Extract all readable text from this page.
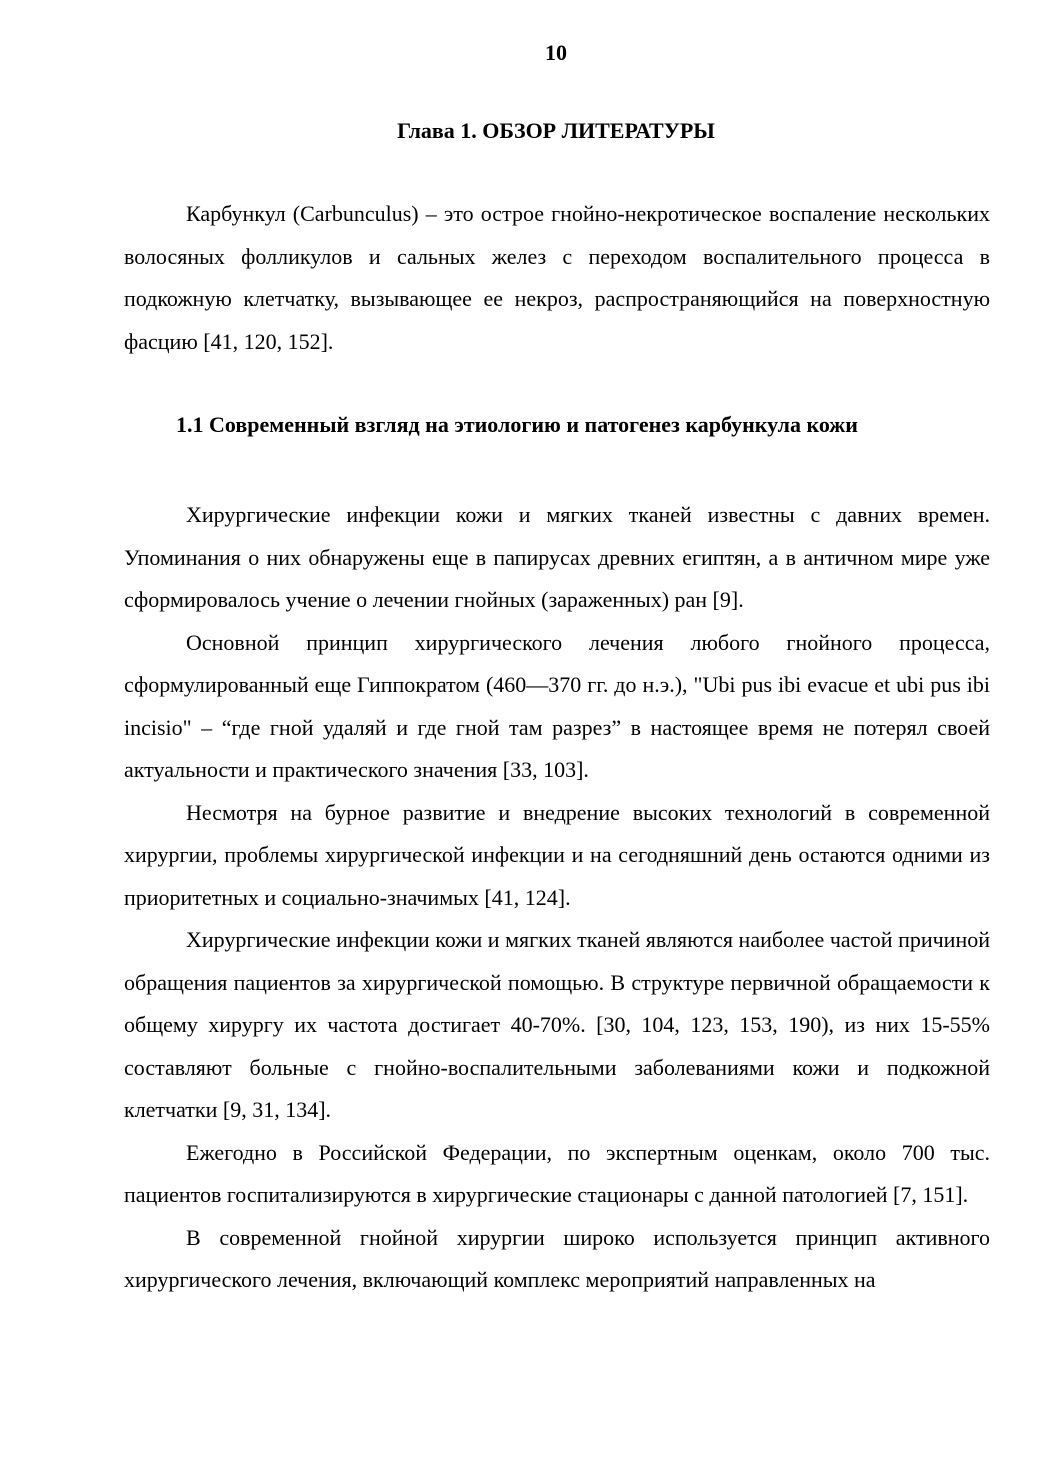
10
Глава 1. ОБЗОР ЛИТЕРАТУРЫ

Карбункул (Carbunculus) – это острое гнойно-некротическое воспаление нескольких волосяных фолликулов и сальных желез с переходом воспалительного процесса в подкожную клетчатку, вызывающее ее некроз, распространяющийся на поверхностную фасцию [41, 120, 152].

1.1 Современный взгляд на этиологию и патогенез карбункула кожи

Хирургические инфекции кожи и мягких тканей известны с давних времен. Упоминания о них обнаружены еще в папирусах древних египтян, а в античном мире уже сформировалось учение о лечении гнойных (зараженных) ран [9].

Основной принцип хирургического лечения любого гнойного процесса, сформулированный еще Гиппократом (460—370 гг. до н.э.), "Ubi pus ibi evacue et ubi pus ibi incisio" – “где гной удаляй и где гной там разрез” в настоящее время не потерял своей актуальности и практического значения [33, 103].

Несмотря на бурное развитие и внедрение высоких технологий в современной хирургии, проблемы хирургической инфекции и на сегодняшний день остаются одними из приоритетных и социально-значимых [41, 124].

Хирургические инфекции кожи и мягких тканей являются наиболее частой причиной обращения пациентов за хирургической помощью. В структуре первичной обращаемости к общему хирургу их частота достигает 40-70%. [30, 104, 123, 153, 190), из них 15-55% составляют больные с гнойно-воспалительными заболеваниями кожи и подкожной клетчатки [9, 31, 134].

Ежегодно в Российской Федерации, по экспертным оценкам, около 700 тыс. пациентов госпитализируются в хирургические стационары с данной патологией [7, 151].

В современной гнойной хирургии широко используется принцип активного хирургического лечения, включающий комплекс мероприятий направленных на
